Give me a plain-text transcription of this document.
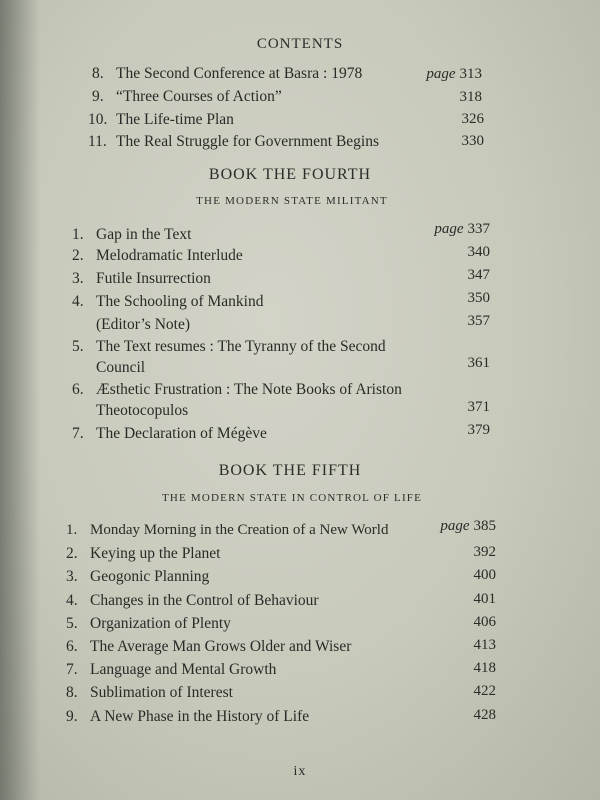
CONTENTS
8. The Second Conference at Basra : 1978	page 313
9. “Three Courses of Action”	318
10. The Life-time Plan	326
11. The Real Struggle for Government Begins	330
BOOK THE FOURTH
THE MODERN STATE MILITANT
1. Gap in the Text	page 337
2. Melodramatic Interlude	340
3. Futile Insurrection	347
4. The Schooling of Mankind	350
(Editor’s Note)	357
5. The Text resumes : The Tyranny of the Second
Council	361
6. Æsthetic Frustration : The Note Books of Ariston
Theotocopulos	371
7. The Declaration of Mégève	379
BOOK THE FIFTH
THE MODERN STATE IN CONTROL OF LIFE
1. Monday Morning in the Creation of a New World	page 385
2. Keying up the Planet	392
3. Geogonic Planning	400
4. Changes in the Control of Behaviour	401
5. Organization of Plenty	406
6. The Average Man Grows Older and Wiser	413
7. Language and Mental Growth	418
8. Sublimation of Interest	422
9. A New Phase in the History of Life	428
ix
